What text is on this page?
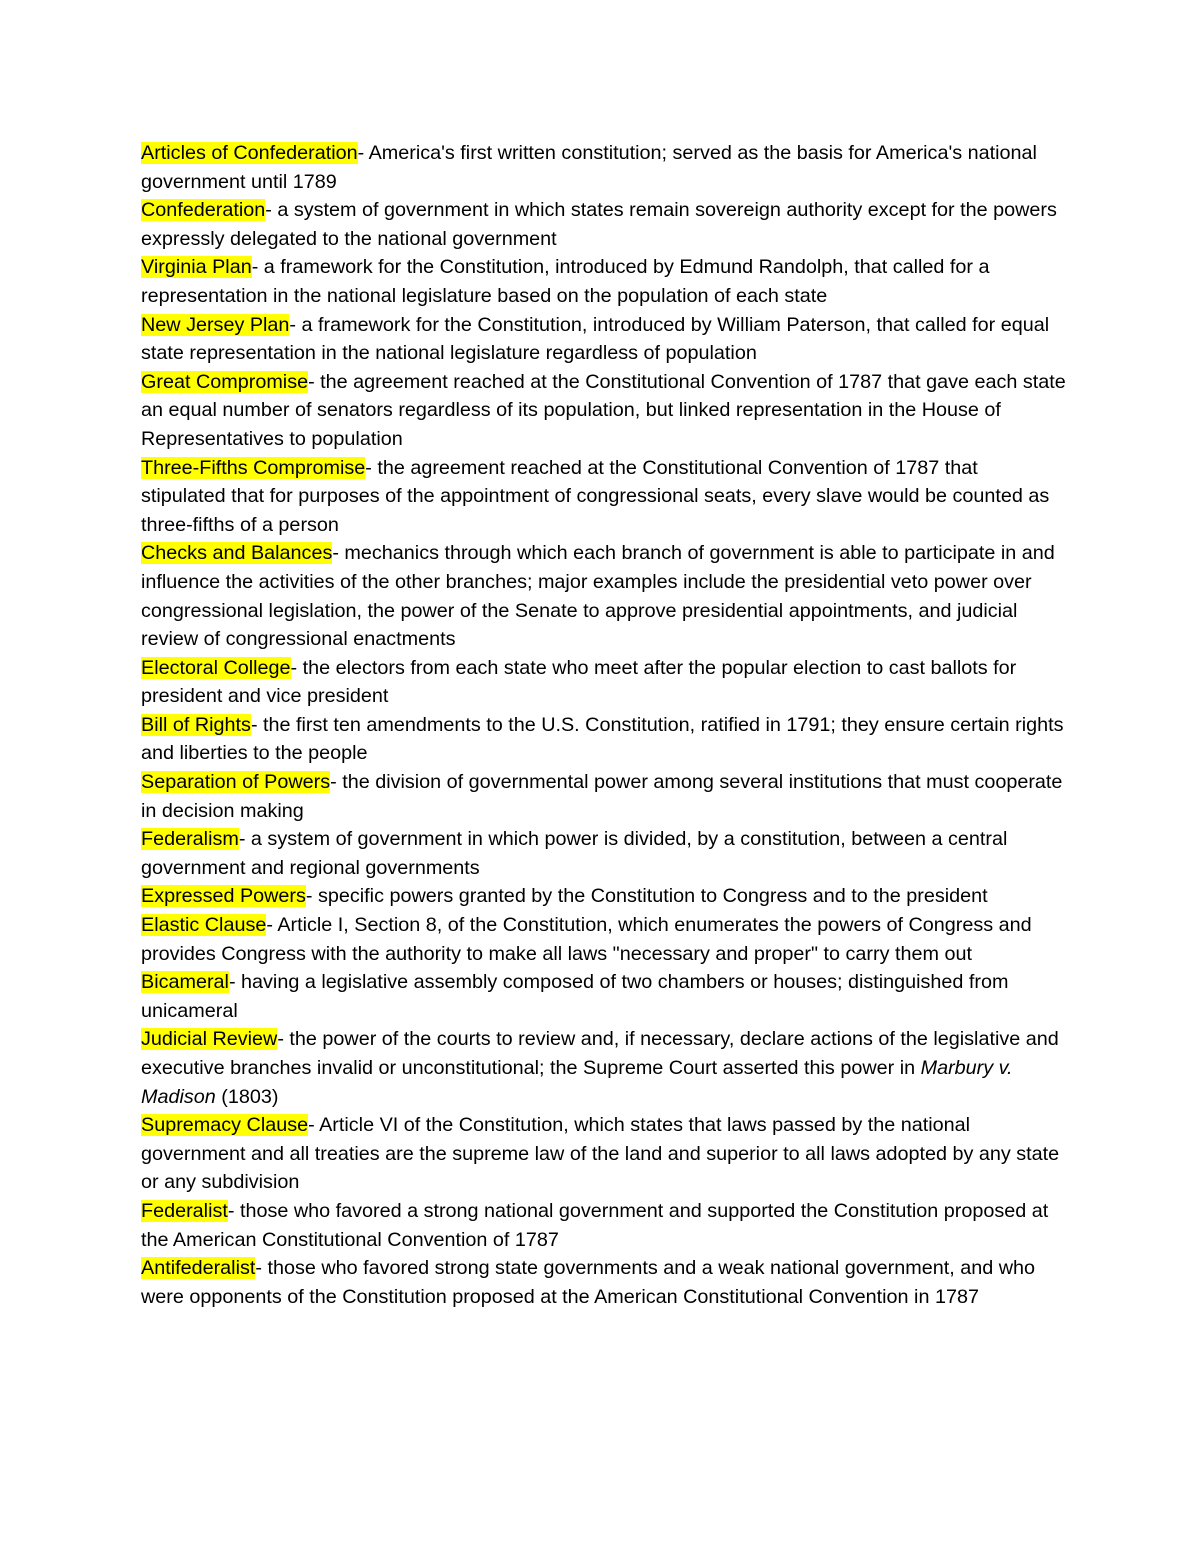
Articles of Confederation- America's first written constitution; served as the basis for America's national government until 1789

Confederation- a system of government in which states remain sovereign authority except for the powers expressly delegated to the national government

Virginia Plan- a framework for the Constitution, introduced by Edmund Randolph, that called for a representation in the national legislature based on the population of each state

New Jersey Plan- a framework for the Constitution, introduced by William Paterson, that called for equal state representation in the national legislature regardless of population

Great Compromise- the agreement reached at the Constitutional Convention of 1787 that gave each state an equal number of senators regardless of its population, but linked representation in the House of Representatives to population

Three-Fifths Compromise- the agreement reached at the Constitutional Convention of 1787 that stipulated that for purposes of the appointment of congressional seats, every slave would be counted as three-fifths of a person

Checks and Balances- mechanics through which each branch of government is able to participate in and influence the activities of the other branches; major examples include the presidential veto power over congressional legislation, the power of the Senate to approve presidential appointments, and judicial review of congressional enactments

Electoral College- the electors from each state who meet after the popular election to cast ballots for president and vice president

Bill of Rights- the first ten amendments to the U.S. Constitution, ratified in 1791; they ensure certain rights and liberties to the people

Separation of Powers- the division of governmental power among several institutions that must cooperate in decision making

Federalism- a system of government in which power is divided, by a constitution, between a central government and regional governments

Expressed Powers- specific powers granted by the Constitution to Congress and to the president

Elastic Clause- Article I, Section 8, of the Constitution, which enumerates the powers of Congress and provides Congress with the authority to make all laws "necessary and proper" to carry them out

Bicameral- having a legislative assembly composed of two chambers or houses; distinguished from unicameral

Judicial Review- the power of the courts to review and, if necessary, declare actions of the legislative and executive branches invalid or unconstitutional; the Supreme Court asserted this power in Marbury v. Madison (1803)

Supremacy Clause- Article VI of the Constitution, which states that laws passed by the national government and all treaties are the supreme law of the land and superior to all laws adopted by any state or any subdivision

Federalist- those who favored a strong national government and supported the Constitution proposed at the American Constitutional Convention of 1787

Antifederalist- those who favored strong state governments and a weak national government, and who were opponents of the Constitution proposed at the American Constitutional Convention in 1787
